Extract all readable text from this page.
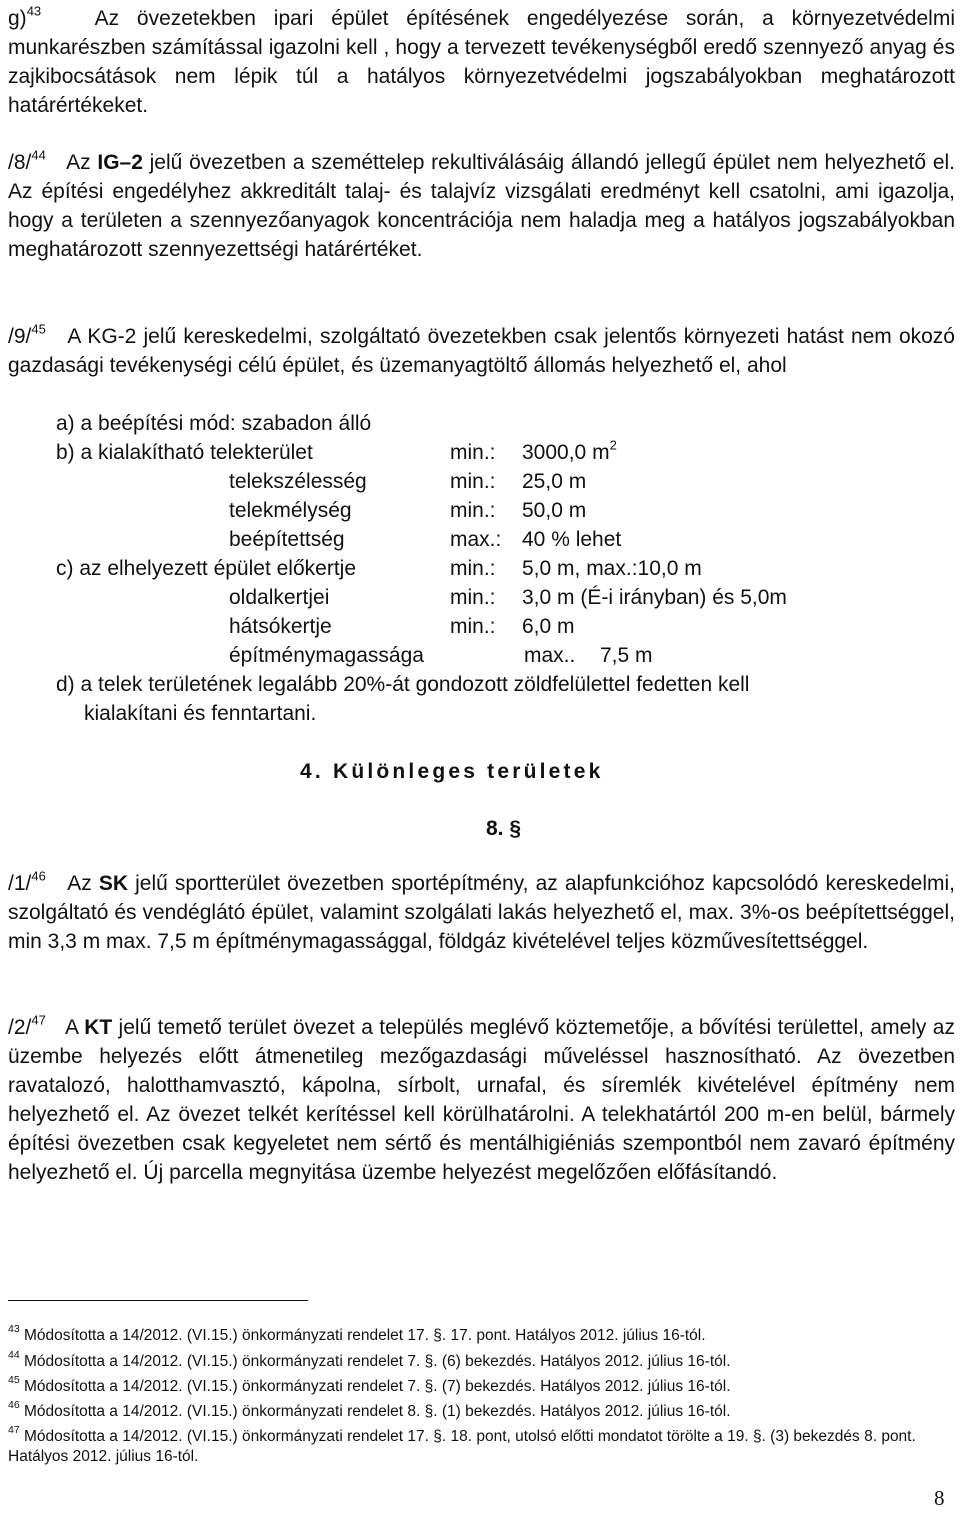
g)$^{43}$	Az övezetekben ipari épület építésének engedélyezése során, a környezetvédelmi munkarészben számítással igazolni kell , hogy a tervezett tevékenységből eredő szennyező anyag és zajkibocsátások nem lépik túl a hatályos környezetvédelmi jogszabályokban meghatározott határértékeket.

/8/$^{44}$ Az IG–2 jelű övezetben a szeméttelep rekultiválásáig állandó jellegű épület nem helyezhető el. Az építési engedélyhez akkreditált talaj- és talajvíz vizsgálati eredményt kell csatolni, ami igazolja, hogy a területen a szennyezőanyagok koncentrációja nem haladja meg a hatályos jogszabályokban meghatározott szennyezettségi határértéket.

/9/$^{45}$ A KG-2 jelű kereskedelmi, szolgáltató övezetekben csak jelentős környezeti hatást nem okozó gazdasági tevékenységi célú épület, és üzemanyagtöltő állomás helyezhető el, ahol

a) a beépítési mód: szabadon álló
b) a kialakítható telekterület	min.: 3000,0 $m^2$
telekszélesség	min.: 25,0 m
telekmélység	min.: 50,0 m
beépítettség	max.: 40 % lehet
c) az elhelyezett épület előkertje	min.: 5,0 m, max.:10,0 m
oldalkertjei	min.: 3,0 m (É-i irányban) és 5,0m
hátsókertje	min.: 6,0 m
építménymagassága	max.. 7,5 m
d) a telek területének legalább 20%-át gondozott zöldfelülettel fedetten kell
kialakítani és fenntartani.
4. Különleges területek
8. §

/1/$^{46}$ Az SK jelű sportterület övezetben sportépítmény, az alapfunkcióhoz kapcsolódó kereskedelmi, szolgáltató és vendéglátó épület, valamint szolgálati lakás helyezhető el, max. 3%-os beépítettséggel, min 3,3 m max. 7,5 m építménymagassággal, földgáz kivételével teljes közművesítettséggel.

/2/$^{47}$ A KT jelű temető terület övezet a település meglévő köztemetője, a bővítési területtel, amely az üzembe helyezés előtt átmenetileg mezőgazdasági műveléssel hasznosítható. Az övezetben ravatalozó, halotthamvasztó, kápolna, sírbolt, urnafal, és síremlék kivételével építmény nem helyezhető el. Az övezet telkét kerítéssel kell körülhatárolni. A telekhatártól 200 m-en belül, bármely építési övezetben csak kegyeletet nem sértő és mentálhigiéniás szempontból nem zavaró építmény helyezhető el. Új parcella megnyitása üzembe helyezést megelőzően előfásítandó.

$^{43}$ Módosította a 14/2012. (VI.15.) önkormányzati rendelet 17. §. 17. pont. Hatályos 2012. július 16-tól.
$^{44}$ Módosította a 14/2012. (VI.15.) önkormányzati rendelet 7. §. (6) bekezdés. Hatályos 2012. július 16-tól.
$^{45}$ Módosította a 14/2012. (VI.15.) önkormányzati rendelet 7. §. (7) bekezdés. Hatályos 2012. július 16-tól.
$^{46}$ Módosította a 14/2012. (VI.15.) önkormányzati rendelet 8. §. (1) bekezdés. Hatályos 2012. július 16-tól.
$^{47}$ Módosította a 14/2012. (VI.15.) önkormányzati rendelet 17. §. 18. pont, utolsó előtti mondatot törölte a 19. §. (3) bekezdés 8. pont. Hatályos 2012. július 16-tól.
8
